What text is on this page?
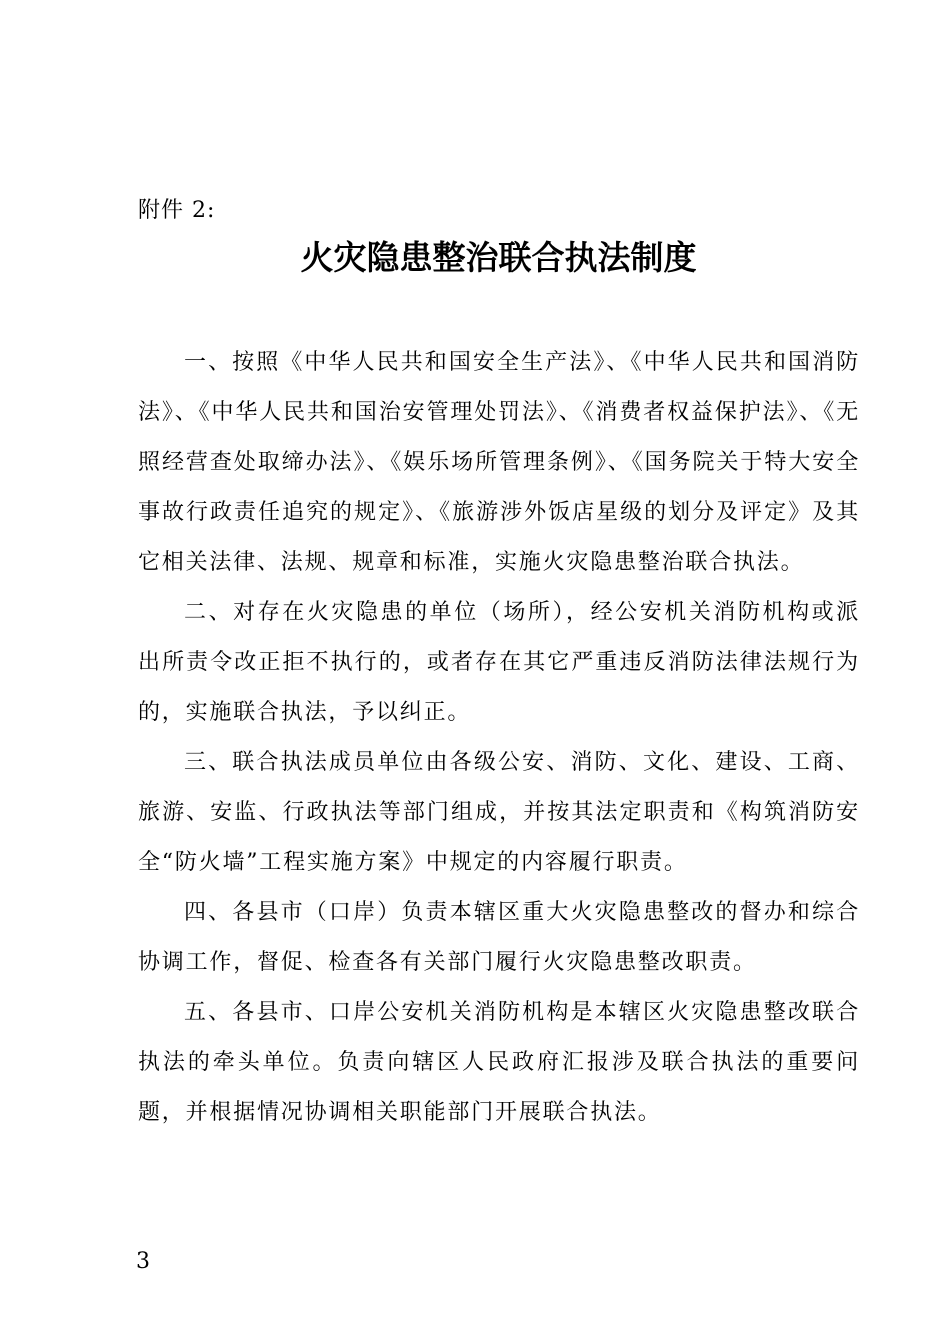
附件 2:
火灾隐患整治联合执法制度

一、按照《中华人民共和国安全生产法》、《中华人民共和国消防法》、《中华人民共和国治安管理处罚法》、《消费者权益保护法》、《无照经营查处取缔办法》、《娱乐场所管理条例》、《国务院关于特大安全事故行政责任追究的规定》、《旅游涉外饭店星级的划分及评定》及其它相关法律、法规、规章和标准，实施火灾隐患整治联合执法。

二、对存在火灾隐患的单位（场所），经公安机关消防机构或派出所责令改正拒不执行的，或者存在其它严重违反消防法律法规行为的，实施联合执法，予以纠正。

三、联合执法成员单位由各级公安、消防、文化、建设、工商、旅游、安监、行政执法等部门组成，并按其法定职责和《构筑消防安全“防火墙”工程实施方案》中规定的内容履行职责。

四、各县市（口岸）负责本辖区重大火灾隐患整改的督办和综合协调工作，督促、检查各有关部门履行火灾隐患整改职责。

五、各县市、口岸公安机关消防机构是本辖区火灾隐患整改联合执法的牵头单位。负责向辖区人民政府汇报涉及联合执法的重要问题，并根据情况协调相关职能部门开展联合执法。

3
